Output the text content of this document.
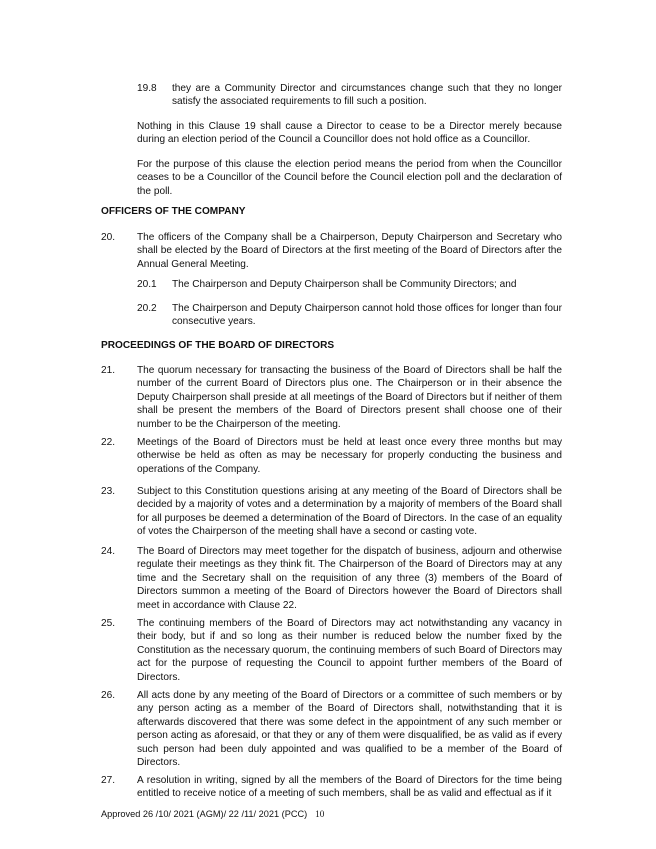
19.8 they are a Community Director and circumstances change such that they no longer satisfy the associated requirements to fill such a position.
Nothing in this Clause 19 shall cause a Director to cease to be a Director merely because during an election period of the Council a Councillor does not hold office as a Councillor.
For the purpose of this clause the election period means the period from when the Councillor ceases to be a Councillor of the Council before the Council election poll and the declaration of the poll.
OFFICERS OF THE COMPANY
20. The officers of the Company shall be a Chairperson, Deputy Chairperson and Secretary who shall be elected by the Board of Directors at the first meeting of the Board of Directors after the Annual General Meeting.
20.1 The Chairperson and Deputy Chairperson shall be Community Directors; and
20.2 The Chairperson and Deputy Chairperson cannot hold those offices for longer than four consecutive years.
PROCEEDINGS OF THE BOARD OF DIRECTORS
21. The quorum necessary for transacting the business of the Board of Directors shall be half the number of the current Board of Directors plus one. The Chairperson or in their absence the Deputy Chairperson shall preside at all meetings of the Board of Directors but if neither of them shall be present the members of the Board of Directors present shall choose one of their number to be the Chairperson of the meeting.
22. Meetings of the Board of Directors must be held at least once every three months but may otherwise be held as often as may be necessary for properly conducting the business and operations of the Company.
23. Subject to this Constitution questions arising at any meeting of the Board of Directors shall be decided by a majority of votes and a determination by a majority of members of the Board shall for all purposes be deemed a determination of the Board of Directors. In the case of an equality of votes the Chairperson of the meeting shall have a second or casting vote.
24. The Board of Directors may meet together for the dispatch of business, adjourn and otherwise regulate their meetings as they think fit. The Chairperson of the Board of Directors may at any time and the Secretary shall on the requisition of any three (3) members of the Board of Directors summon a meeting of the Board of Directors however the Board of Directors shall meet in accordance with Clause 22.
25. The continuing members of the Board of Directors may act notwithstanding any vacancy in their body, but if and so long as their number is reduced below the number fixed by the Constitution as the necessary quorum, the continuing members of such Board of Directors may act for the purpose of requesting the Council to appoint further members of the Board of Directors.
26. All acts done by any meeting of the Board of Directors or a committee of such members or by any person acting as a member of the Board of Directors shall, notwithstanding that it is afterwards discovered that there was some defect in the appointment of any such member or person acting as aforesaid, or that they or any of them were disqualified, be as valid as if every such person had been duly appointed and was qualified to be a member of the Board of Directors.
27. A resolution in writing, signed by all the members of the Board of Directors for the time being entitled to receive notice of a meeting of such members, shall be as valid and effectual as if it
Approved 26 /10/ 2021 (AGM)/ 22 /11/ 2021 (PCC) 10
